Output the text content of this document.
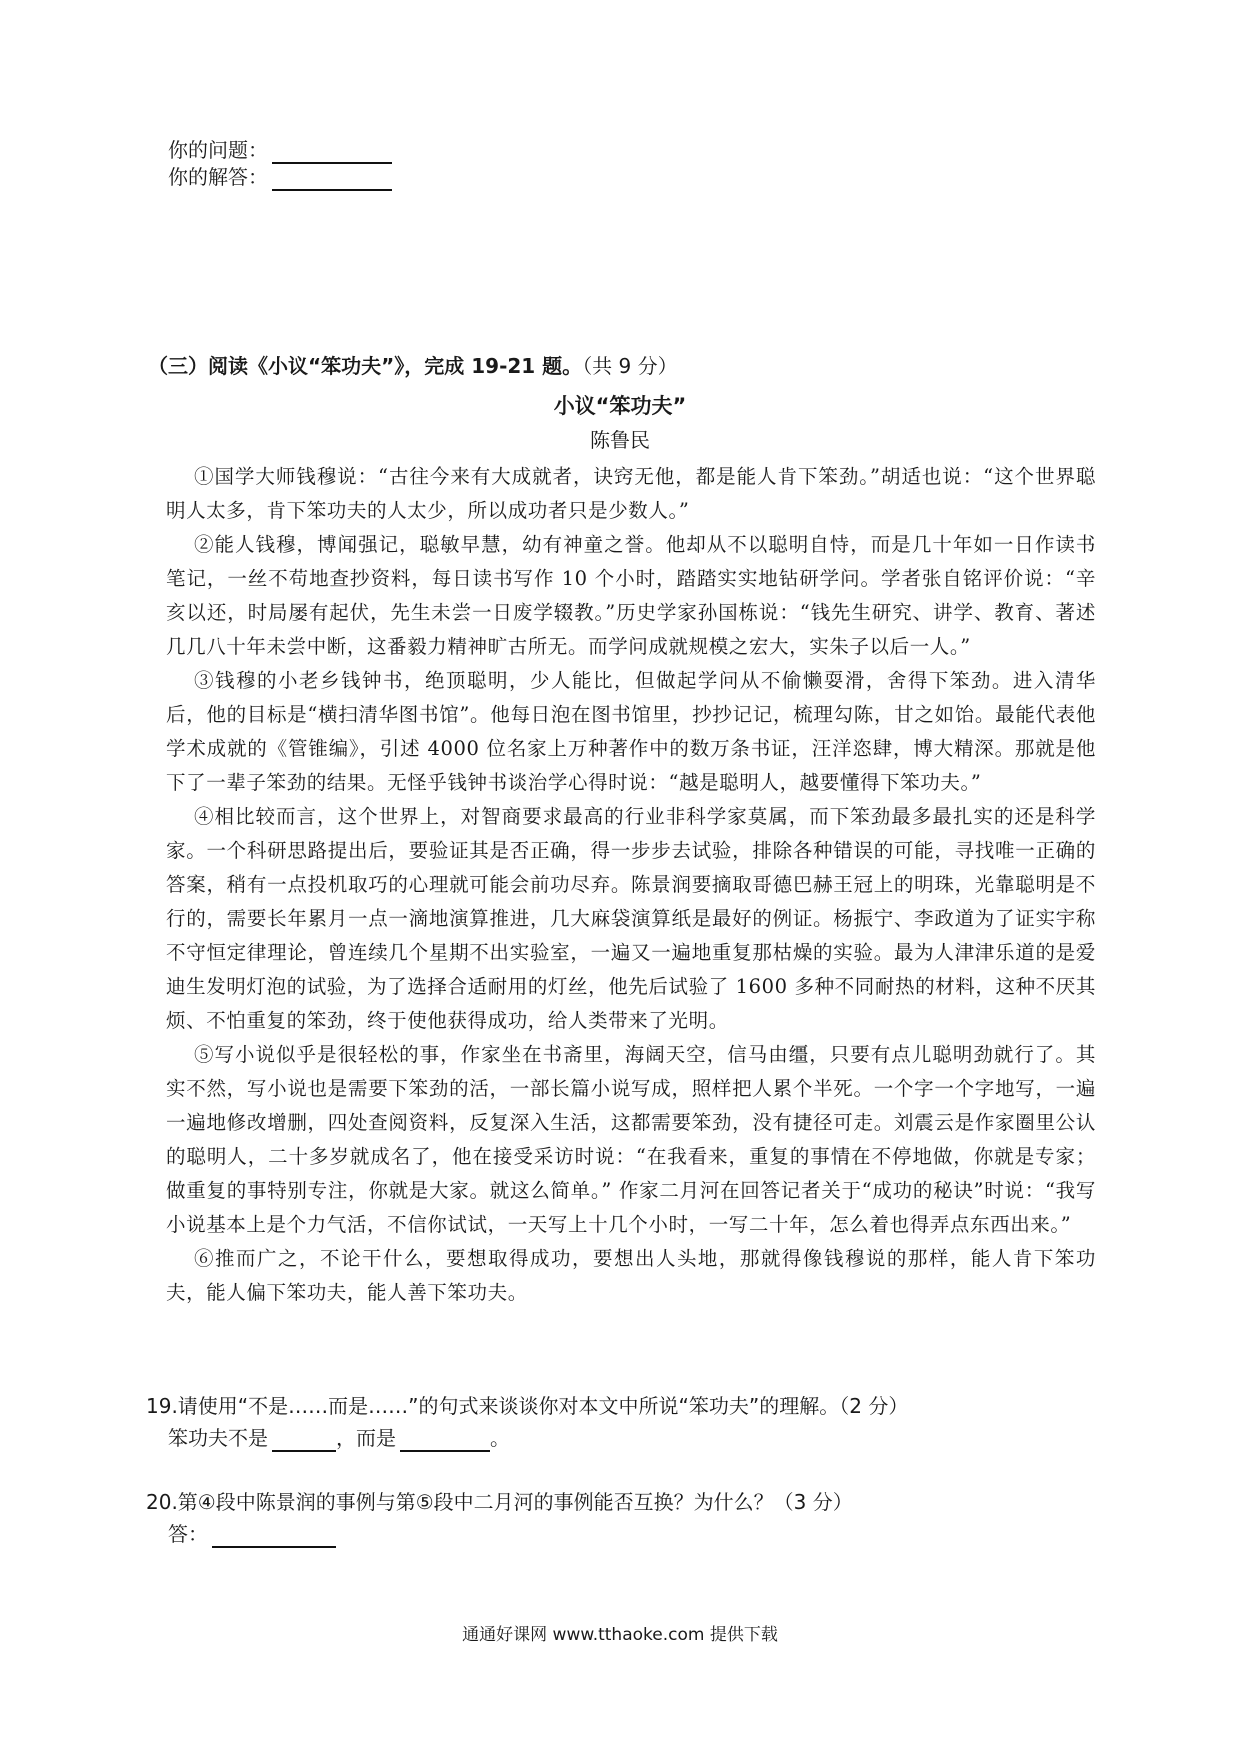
你的问题：
你的解答：
（三）阅读《小议“笨功夫”》，完成 19-21 题。（共 9 分）
小议“笨功夫”
陈鲁民

①国学大师钱穆说：“古往今来有大成就者，诀窍无他，都是能人肯下笨劲。”胡适也说：“这个世界聪明人太多，肯下笨功夫的人太少，所以成功者只是少数人。”

②能人钱穆，博闻强记，聪敏早慧，幼有神童之誉。他却从不以聪明自恃，而是几十年如一日作读书笔记，一丝不苟地查抄资料，每日读书写作 10 个小时，踏踏实实地钻研学问。学者张自铭评价说：“辛亥以还，时局屡有起伏，先生未尝一日废学辍教。”历史学家孙国栋说：“钱先生研究、讲学、教育、著述几几八十年未尝中断，这番毅力精神旷古所无。而学问成就规模之宏大，实朱子以后一人。”

③钱穆的小老乡钱钟书，绝顶聪明，少人能比，但做起学问从不偷懒耍滑，舍得下笨劲。进入清华后，他的目标是“横扫清华图书馆”。他每日泡在图书馆里，抄抄记记，梳理勾陈，甘之如饴。最能代表他学术成就的《管锥编》，引述 4000 位名家上万种著作中的数万条书证，汪洋恣肆，博大精深。那就是他下了一辈子笨劲的结果。无怪乎钱钟书谈治学心得时说：“越是聪明人，越要懂得下笨功夫。”

④相比较而言，这个世界上，对智商要求最高的行业非科学家莫属，而下笨劲最多最扎实的还是科学家。一个科研思路提出后，要验证其是否正确，得一步步去试验，排除各种错误的可能，寻找唯一正确的答案，稍有一点投机取巧的心理就可能会前功尽弃。陈景润要摘取哥德巴赫王冠上的明珠，光靠聪明是不行的，需要长年累月一点一滴地演算推进，几大麻袋演算纸是最好的例证。杨振宁、李政道为了证实宇称不守恒定律理论，曾连续几个星期不出实验室，一遍又一遍地重复那枯燥的实验。最为人津津乐道的是爱迪生发明灯泡的试验，为了选择合适耐用的灯丝，他先后试验了 1600 多种不同耐热的材料，这种不厌其烦、不怕重复的笨劲，终于使他获得成功，给人类带来了光明。

⑤写小说似乎是很轻松的事，作家坐在书斋里，海阔天空，信马由缰，只要有点儿聪明劲就行了。其实不然，写小说也是需要下笨劲的活，一部长篇小说写成，照样把人累个半死。一个字一个字地写，一遍一遍地修改增删，四处查阅资料，反复深入生活，这都需要笨劲，没有捷径可走。刘震云是作家圈里公认的聪明人，二十多岁就成名了，他在接受采访时说：“在我看来，重复的事情在不停地做，你就是专家；做重复的事特别专注，你就是大家。就这么简单。” 作家二月河在回答记者关于“成功的秘诀”时说：“我写小说基本上是个力气活，不信你试试，一天写上十几个小时，一写二十年，怎么着也得弄点东西出来。”

⑥推而广之，不论干什么，要想取得成功，要想出人头地，那就得像钱穆说的那样，能人肯下笨功夫，能人偏下笨功夫，能人善下笨功夫。

19.请使用“不是……而是……”的句式来谈谈你对本文中所说“笨功夫”的理解。（2 分）
笨功夫不是	，而是	。
20.第④段中陈景润的事例与第⑤段中二月河的事例能否互换？为什么？（3 分）
答：
通通好课网 www.tthaoke.com 提供下载
